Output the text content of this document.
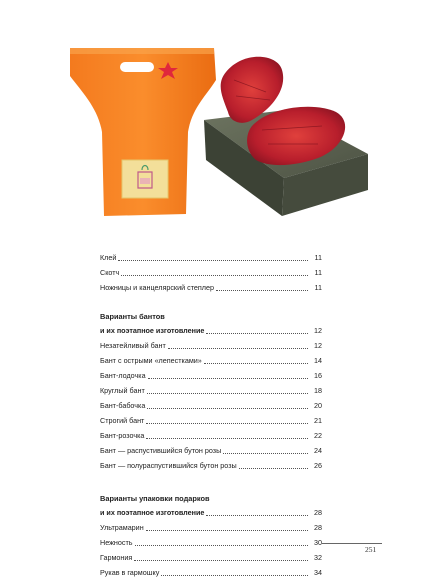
Клей	11
Скотч	11
Ножницы и канцелярский степлер	11
Варианты бантов
и их поэтапное изготовление	12
Незатейливый бант	12
Бант с острыми «лепестками»	14
Бант-лодочка	16
Круглый бант	18
Бант-бабочка	20
Строгий бант	21
Бант-розочка	22
Бант — распустившийся бутон розы	24
Бант — полураспустившийся бутон розы	26
Варианты упаковки подарков
и их поэтапное изготовление	28
Ультрамарин	28
Нежность	30
Гармония	32
Рукав в гармошку	34
251
